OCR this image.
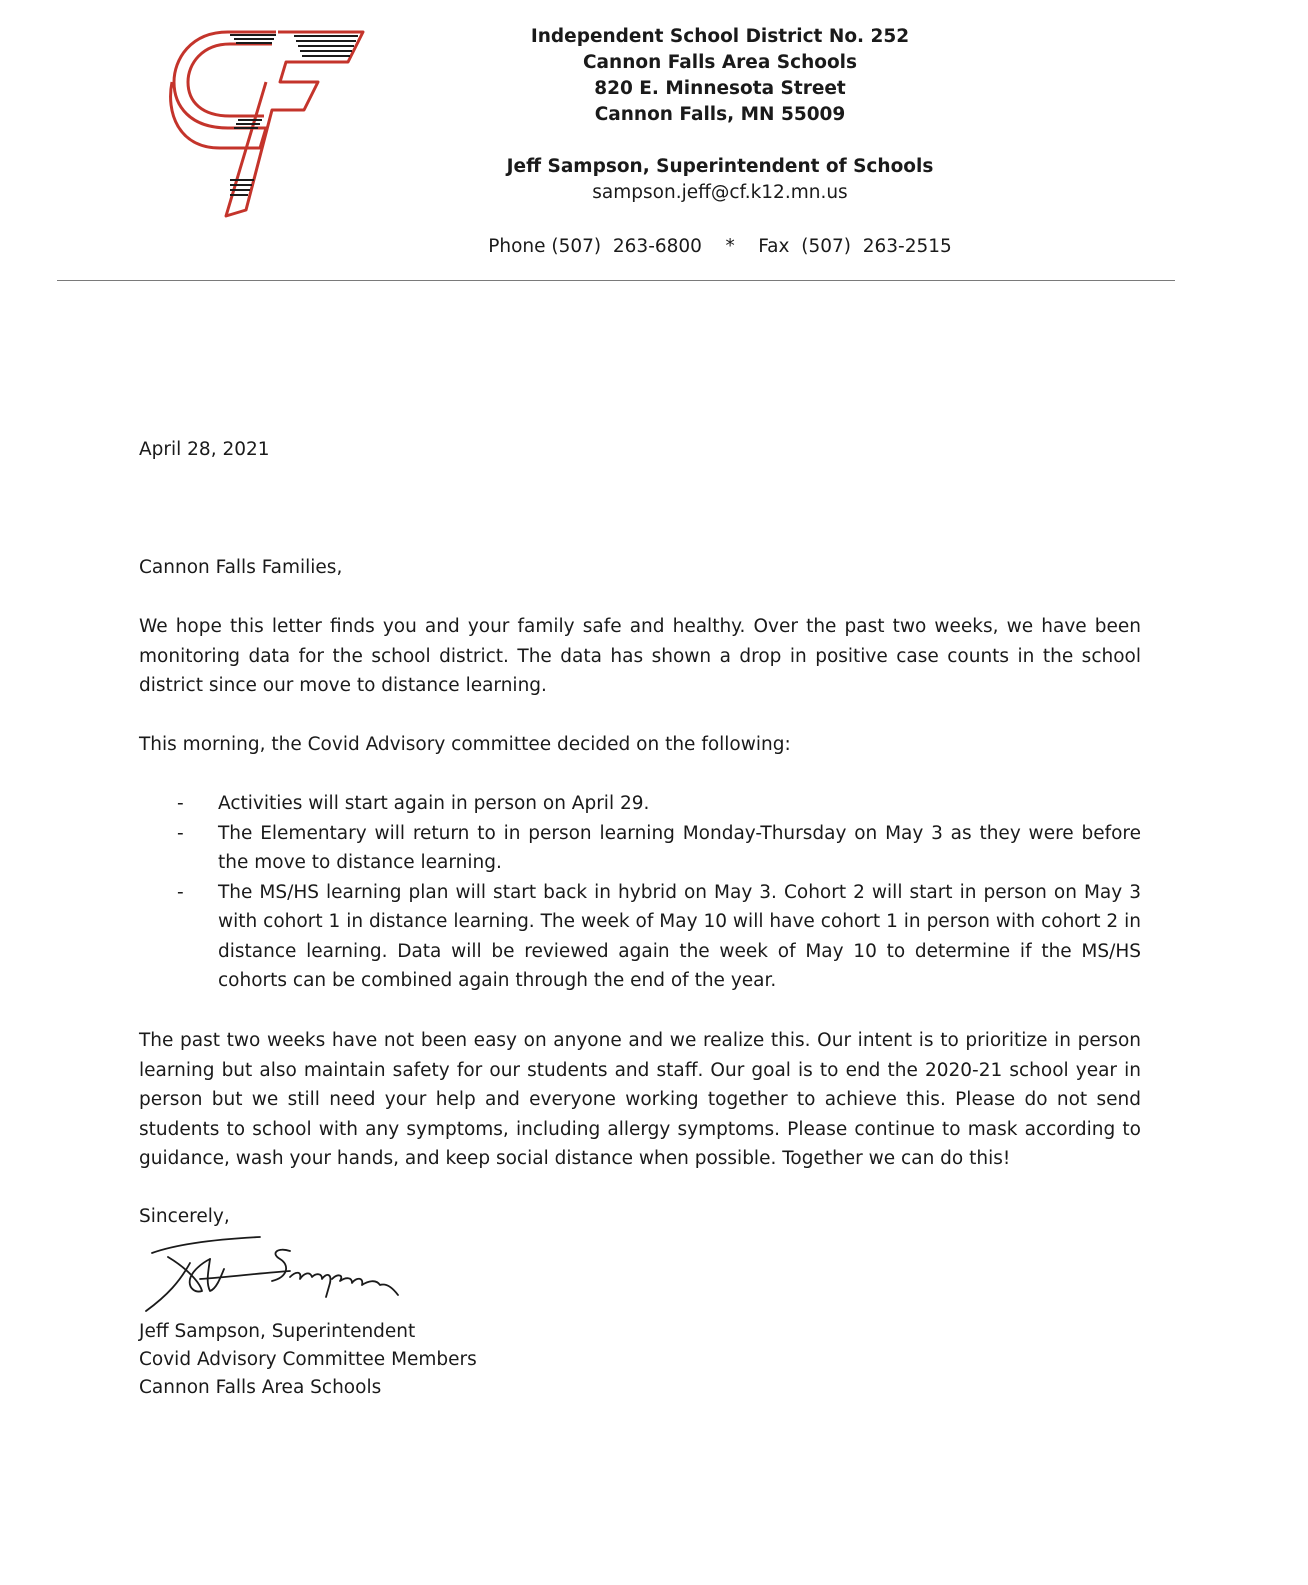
Independent School District No. 252
Cannon Falls Area Schools
820 E. Minnesota Street
Cannon Falls, MN 55009
Jeff Sampson, Superintendent of Schools
sampson.jeff@cf.k12.mn.us
Phone (507)  263-6800    *    Fax  (507)  263-2515
April 28, 2021
Cannon Falls Families,
We hope this letter finds you and your family safe and healthy. Over the past two weeks, we have been monitoring data for the school district. The data has shown a drop in positive case counts in the school district since our move to distance learning.
This morning, the Covid Advisory committee decided on the following:
- Activities will start again in person on April 29.
- The Elementary will return to in person learning Monday-Thursday on May 3 as they were before the move to distance learning.
- The MS/HS learning plan will start back in hybrid on May 3. Cohort 2 will start in person on May 3 with cohort 1 in distance learning. The week of May 10 will have cohort 1 in person with cohort 2 in distance learning. Data will be reviewed again the week of May 10 to determine if the MS/HS cohorts can be combined again through the end of the year.
The past two weeks have not been easy on anyone and we realize this. Our intent is to prioritize in person learning but also maintain safety for our students and staff. Our goal is to end the 2020-21 school year in person but we still need your help and everyone working together to achieve this. Please do not send students to school with any symptoms, including allergy symptoms. Please continue to mask according to guidance, wash your hands, and keep social distance when possible. Together we can do this!
Sincerely,
Jeff Sampson, Superintendent
Covid Advisory Committee Members
Cannon Falls Area Schools
